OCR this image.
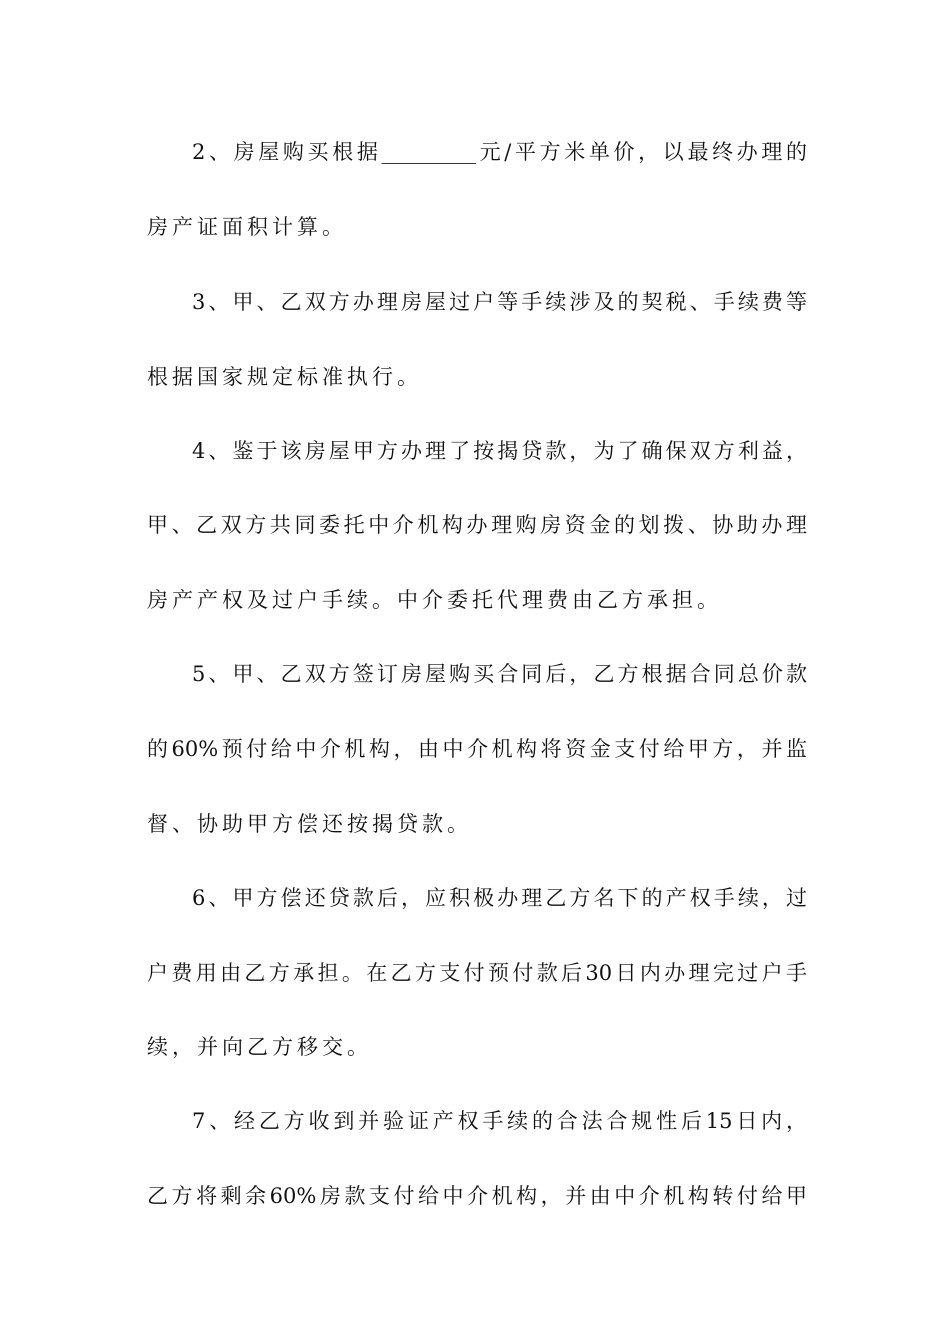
2、房屋购买根据_________元/平方米单价，以最终办理的
房产证面积计算。
3、甲、乙双方办理房屋过户等手续涉及的契税、手续费等
根据国家规定标准执行。
4、鉴于该房屋甲方办理了按揭贷款，为了确保双方利益，
甲、乙双方共同委托中介机构办理购房资金的划拨、协助办理
房产产权及过户手续。中介委托代理费由乙方承担。
5、甲、乙双方签订房屋购买合同后，乙方根据合同总价款
的60%预付给中介机构，由中介机构将资金支付给甲方，并监
督、协助甲方偿还按揭贷款。
6、甲方偿还贷款后，应积极办理乙方名下的产权手续，过
户费用由乙方承担。在乙方支付预付款后30日内办理完过户手
续，并向乙方移交。
7、经乙方收到并验证产权手续的合法合规性后15日内，
乙方将剩余60%房款支付给中介机构，并由中介机构转付给甲
